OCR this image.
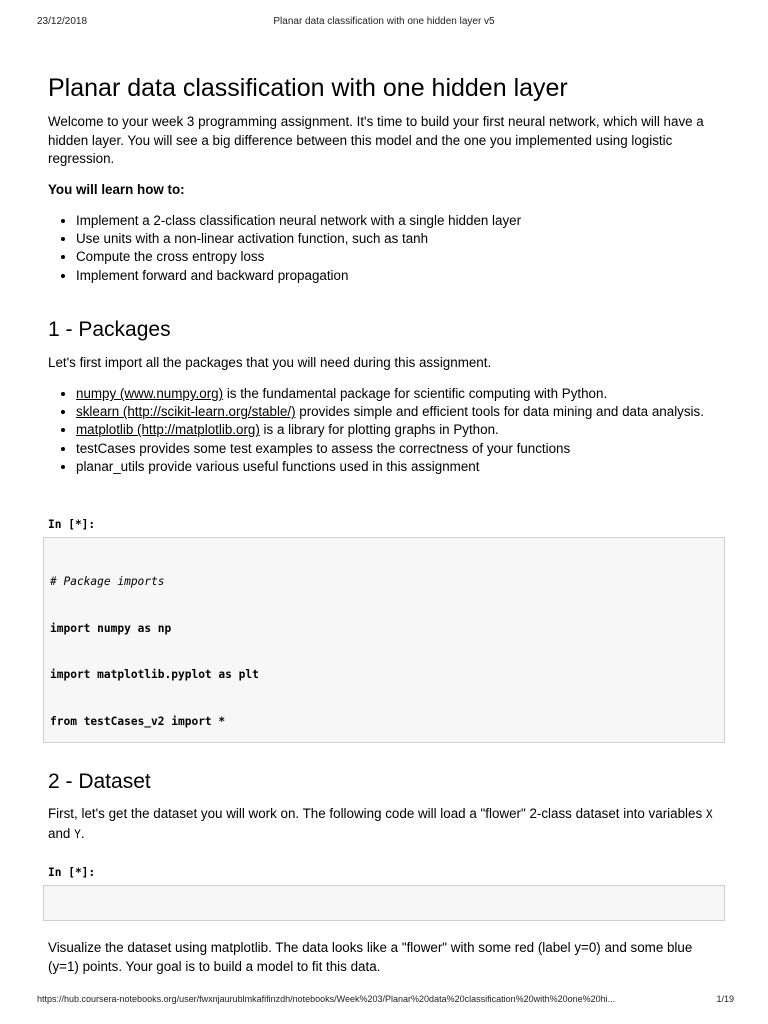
23/12/2018	Planar data classification with one hidden layer v5
Planar data classification with one hidden layer

Welcome to your week 3 programming assignment. It's time to build your first neural network, which will have a hidden layer. You will see a big difference between this model and the one you implemented using logistic regression.

You will learn how to:

• Implement a 2-class classification neural network with a single hidden layer
• Use units with a non-linear activation function, such as tanh
• Compute the cross entropy loss
• Implement forward and backward propagation
1 - Packages

Let's first import all the packages that you will need during this assignment.

• numpy (www.numpy.org) is the fundamental package for scientific computing with Python.
• sklearn (http://scikit-learn.org/stable/) provides simple and efficient tools for data mining and data analysis.
• matplotlib (http://matplotlib.org) is a library for plotting graphs in Python.
• testCases provides some test examples to assess the correctness of your functions
• planar_utils provide various useful functions used in this assignment
In [*]:

# Package imports

import numpy as np

import matplotlib.pyplot as plt

from testCases_v2 import *

2 - Dataset

First, let's get the dataset you will work on. The following code will load a "flower" 2-class dataset into variables X and Y.

In [*]:

Visualize the dataset using matplotlib. The data looks like a "flower" with some red (label y=0) and some blue (y=1) points. Your goal is to build a model to fit this data.

https://hub.coursera-notebooks.org/user/fwxnjaurublmkafifinzdh/notebooks/Week%203/Planar%20data%20classification%20with%20one%20hi...	1/19
